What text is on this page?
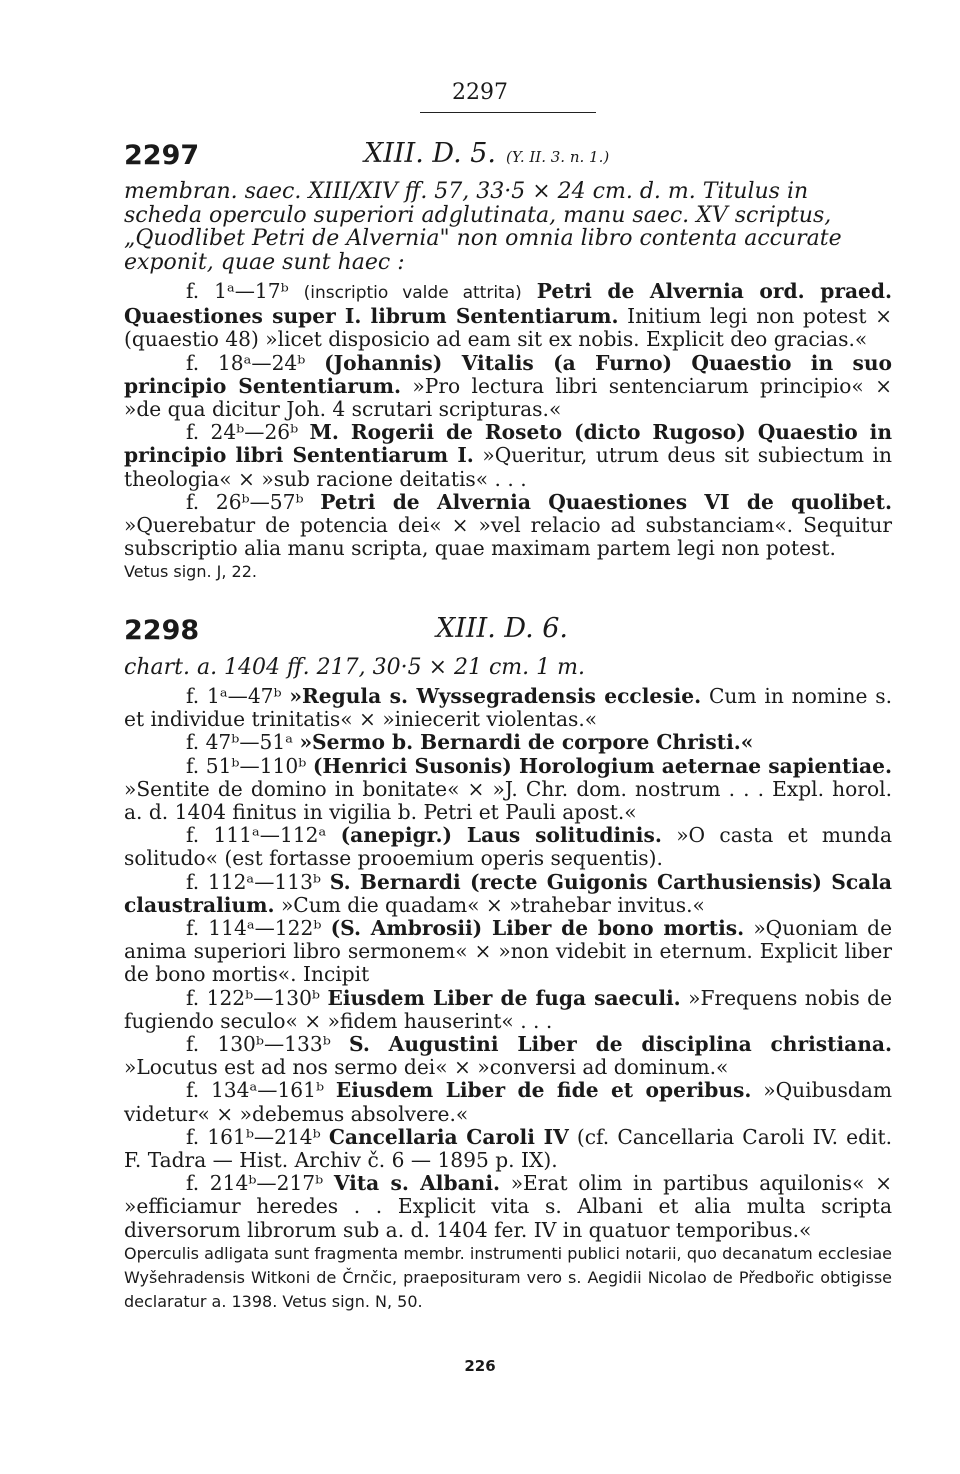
2297
2297	XIII. D. 5. (Y. II. 3. n. 1.)

membran. saec. XIII/XIV ff. 57, 33·5 × 24 cm. d. m. Titulus in scheda operculo superiori adglutinata, manu saec. XV scriptus, „Quodlibet Petri de Alvernia" non omnia libro contenta accurate exponit, quae sunt haec :

f. 1ᵃ—17ᵇ (inscriptio valde attrita) Petri de Alvernia ord. praed. Quaestiones super I. librum Sententiarum. Initium legi non potest × (quaestio 48) »licet disposicio ad eam sit ex nobis. Explicit deo gracias.«

f. 18ᵃ—24ᵇ (Johannis) Vitalis (a Furno) Quaestio in suo principio Sententiarum. »Pro lectura libri sentenciarum principio« × »de qua dicitur Joh. 4 scrutari scripturas.«

f. 24ᵇ—26ᵇ M. Rogerii de Roseto (dicto Rugoso) Quaestio in principio libri Sententiarum I. »Queritur, utrum deus sit subiectum in theologia« × »sub racione deitatis« . . .

f. 26ᵇ—57ᵇ Petri de Alvernia Quaestiones VI de quolibet. »Querebatur de potencia dei« × »vel relacio ad substanciam«. Sequitur subscriptio alia manu scripta, quae maximam partem legi non potest.

Vetus sign. J, 22.

2298	XIII. D. 6.

chart. a. 1404 ff. 217, 30·5 × 21 cm. 1 m.

f. 1ᵃ—47ᵇ »Regula s. Wyssegradensis ecclesie. Cum in nomine s. et individue trinitatis« × »iniecerit violentas.«

f. 47ᵇ—51ᵃ »Sermo b. Bernardi de corpore Christi.«

f. 51ᵇ—110ᵇ (Henrici Susonis) Horologium aeternae sapientiae. »Sentite de domino in bonitate« × »J. Chr. dom. nostrum . . . Expl. horol. a. d. 1404 finitus in vigilia b. Petri et Pauli apost.«

f. 111ᵃ—112ᵃ (anepigr.) Laus solitudinis. »O casta et munda solitudo« (est fortasse prooemium operis sequentis).

f. 112ᵃ—113ᵇ S. Bernardi (recte Guigonis Carthusiensis) Scala claustralium. »Cum die quadam« × »trahebar invitus.«

f. 114ᵃ—122ᵇ (S. Ambrosii) Liber de bono mortis. »Quoniam de anima superiori libro sermonem« × »non videbit in eternum. Explicit liber de bono mortis«. Incipit

f. 122ᵇ—130ᵇ Eiusdem Liber de fuga saeculi. »Frequens nobis de fugiendo seculo« × »fidem hauserint« . . .

f. 130ᵇ—133ᵇ S. Augustini Liber de disciplina christiana. »Locutus est ad nos sermo dei« × »conversi ad dominum.«

f. 134ᵃ—161ᵇ Eiusdem Liber de fide et operibus. »Quibusdam videtur« × »debemus absolvere.«

f. 161ᵇ—214ᵇ Cancellaria Caroli IV (cf. Cancellaria Caroli IV. edit. F. Tadra — Hist. Archiv č. 6 — 1895 p. IX).

f. 214ᵇ—217ᵇ Vita s. Albani. »Erat olim in partibus aquilonis« × »efficiamur heredes . . Explicit vita s. Albani et alia multa scripta diversorum librorum sub a. d. 1404 fer. IV in quatuor temporibus.«

Operculis adligata sunt fragmenta membr. instrumenti publici notarii, quo decanatum ecclesiae Wyšehradensis Witkoni de Črnčic, praeposituram vero s. Aegidii Nicolao de Předbořic obtigisse declaratur a. 1398. Vetus sign. N, 50.

226
